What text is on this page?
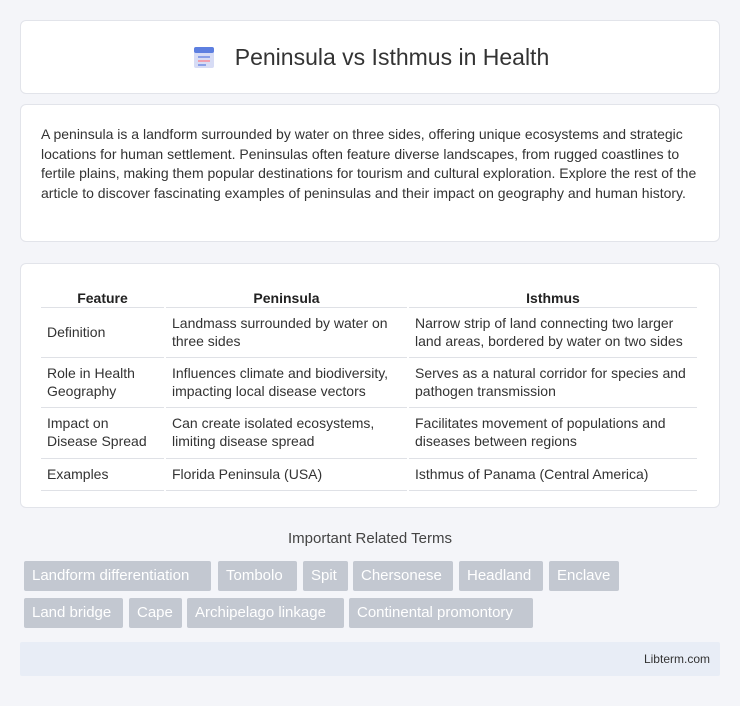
Peninsula vs Isthmus in Health

A peninsula is a landform surrounded by water on three sides, offering unique ecosystems and strategic locations for human settlement. Peninsulas often feature diverse landscapes, from rugged coastlines to fertile plains, making them popular destinations for tourism and cultural exploration. Explore the rest of the article to discover fascinating examples of peninsulas and their impact on geography and human history.

Feature	Peninsula	Isthmus
Definition	Landmass surrounded by water on three sides	Narrow strip of land connecting two larger land areas, bordered by water on two sides
Role in Health Geography	Influences climate and biodiversity, impacting local disease vectors	Serves as a natural corridor for species and pathogen transmission
Impact on Disease Spread	Can create isolated ecosystems, limiting disease spread	Facilitates movement of populations and diseases between regions
Examples	Florida Peninsula (USA)	Isthmus of Panama (Central America)
Important Related Terms
Landform differentiation	Tombolo	Spit	Chersonese	Headland	Enclave
Land bridge	Cape	Archipelago linkage	Continental promontory
Libterm.com
